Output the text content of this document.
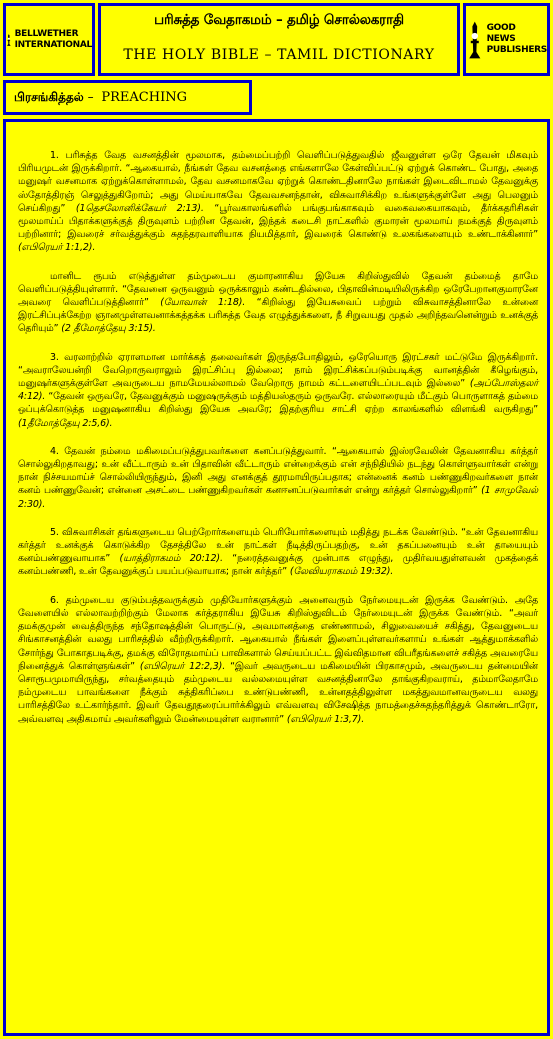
BELLWETHER
INTERNATIONAL
பரிசுத்த வேதாகமம் – தமிழ் சொல்லகராதி
THE HOLY BIBLE – TAMIL DICTIONARY
GOOD NEWS
PUBLISHERS
பிரசங்கித்தல் – PREACHING

1. பரிசுத்த வேத வசனத்தின் மூலமாக, தம்மைப்பற்றி வெளிப்படுத்துவதில் ஜீவனுள்ள ஒரே தேவன் மிகவும் பிரியமுடன் இருக்கிறார். “ஆகையால், நீங்கள் தேவ வசனத்தை எங்களாலே கேள்விப்பட்டு ஏற்றுக் கொண்ட போது, அதை மனுஷர் வசனமாக ஏற்றுக்கொள்ளாமல், தேவ வசனமாகவே ஏற்றுக் கொண்டதினாலே நாங்கள் இடைவிடாமல் தேவனுக்கு ஸ்தோத்திரஞ் செலுத்துகிறோம்; அது மெய்யாகவே தேவவசனந்தான், விசுவாசிக்கிற உங்களுக்குள்ளே அது பெலனும் செய்கிறது” (1தெசலோனிக்கேயர் 2:13). “பூர்வகாலங்களில் பங்குபங்காகவும் வகைவகையாகவும், தீர்க்கதரிசிகள் மூலமாய்ப் பிதாக்களுக்குத் திருவுளம் பற்றின தேவன், இந்தக் கடைசி நாட்களில் குமாரன் மூலமாய் நமக்குத் திருவுளம் பற்றினார்; இவரைச் சர்வத்துக்கும் சுதந்தரவாளியாக நியமித்தார், இவரைக் கொண்டு உலகங்களையும் உண்டாக்கினார்” (எபிரெயர் 1:1,2).

மானிட ரூபம் எடுத்துள்ள தம்முடைய குமாரனாகிய இயேசு கிறிஸ்துவில் தேவன் தம்மைத் தாமே வெளிப்படுத்தியுள்ளார். “தேவனை ஒருவனும் ஒருக்காலும் கண்டதில்லை, பிதாவின்மடியிலிருக்கிற ஒரேபேறானகுமாரனே அவரை வெளிப்படுத்தினார்” (யோவான் 1:18). “கிறிஸ்து இயேசுவைப் பற்றும் விசுவாசத்தினாலே உன்னை இரட்சிப்புக்கேற்ற ஞானமுள்ளவனாக்கத்தக்க பரிசுத்த வேத எழுத்துக்களை, நீ சிறுவயது முதல் அறிந்தவனென்றும் உனக்குத் தெரியும்” (2 தீமோத்தேயு 3:15).

3. வரலாற்றில் ஏராளமான மார்க்கத் தலைவர்கள் இருந்தபோதிலும், ஒரேயொரு இரட்சகர் மட்டுமே இருக்கிறார். “அவராலேயன்றி வேறொருவராலும் இரட்சிப்பு இல்லை; நாம் இரட்சிக்கப்படும்படிக்கு வானத்தின் கீழெங்கும், மனுஷர்களுக்குள்ளே அவருடைய நாமமேயல்லாமல் வேறொரு நாமம் கட்டளையிடப்படவும் இல்லை” (அப்போஸ்தலர் 4:12). “தேவன் ஒருவரே, தேவனுக்கும் மனுஷருக்கும் மத்தியஸ்தரும் ஒருவரே. எல்லாரையும் மீட்கும் பொருளாகத் தம்மை ஒப்புக்கொடுத்த மனுஷனாகிய கிறிஸ்து இயேசு அவரே; இதற்குரிய சாட்சி ஏற்ற காலங்களில் விளங்கி வருகிறது” (1தீமோத்தேயு 2:5,6).

4. தேவன் நம்மை மகிமைப்படுத்துபவர்களை கனப்படுத்துவார். “ஆகையால் இஸ்ரவேலின் தேவனாகிய கர்த்தர் சொல்லுகிறதாவது; உன் வீட்டாரும் உன் பிதாவின் வீட்டாரும் என்றைக்கும் என் சந்நிதியில் நடந்து கொள்ளுவார்கள் என்று நான் நிச்சயமாய்ச் சொல்லியிருந்தும், இனி அது எனக்குத் தூரமாயிருப்பதாக; என்னைக் கனம் பண்ணுகிறவர்களை நான் கனம் பண்ணுவேன்; என்னை அசட்டை பண்ணுகிறவர்கள் கனஈனப்படுவார்கள் என்று கர்த்தர் சொல்லுகிறார்” (1 சாமுவேல் 2:30).

5. விசுவாசிகள் தங்களுடைய பெற்றோர்களையும் பெரியோர்களையும் மதித்து நடக்க வேண்டும். “உன் தேவனாகிய கர்த்தர் உனக்குக் கொடுக்கிற தேசத்திலே உன் நாட்கள் நீடித்திருப்பதற்கு, உன் தகப்பனையும் உன் தாயையும் கனம்பண்ணுவாயாக” (யாத்திராகமம் 20:12). “நரைத்தவனுக்கு முன்பாக எழுந்து, முதிர்வயதுள்ளவன் முகத்தைக் கனம்பண்ணி, உன் தேவனுக்குப் பயப்படுவாயாக; நான் கர்த்தர்” (லேவியராகமம் 19:32).

6. தம்முடைய குடும்பத்தவருக்கும் முதியோர்களுக்கும் அனைவரும் நேர்மையுடன் இருக்க வேண்டும். அதே வேளையில் எல்லாவற்றிற்கும் மேலாக கர்த்தராகிய இயேசு கிறிஸ்துவிடம் நேர்மையுடன் இருக்க வேண்டும். “அவர் தமக்குமுன் வைத்திருந்த சந்தோஷத்தின் பொருட்டு, அவமானத்தை எண்ணாமல், சிலுவையைச் சகித்து, தேவனுடைய சிங்காசனத்தின் வலது பாரிசத்தில் வீற்றிருக்கிறார். ஆகையால் நீங்கள் இளைப்புள்ளவர்களாய் உங்கள் ஆத்துமாக்களில் சோர்ந்து போகாதபடிக்கு, தமக்கு விரோதமாய்ப் பாவிகளால் செய்யப்பட்ட இவ்விதமான விபரீதங்களைச் சகித்த அவரையே நினைத்துக் கொள்ளுங்கள்” (எபிரெயர் 12:2,3). “இவர் அவருடைய மகிமையின் பிரகாசமும், அவருடைய தன்மையின் சொரூபமுமாயிருந்து, சர்வத்தையும் தம்முடைய வல்லமையுள்ள வசனத்தினாலே தாங்குகிறவராய், தம்மாலேதாமே நம்முடைய பாவங்களை நீக்கும் சுத்திகரிப்பை உண்டுபண்ணி, உன்னதத்திலுள்ள மகத்துவமானவருடைய வலது பாரிசத்திலே உட்கார்ந்தார். இவர் தேவதூதரைப்பார்க்கிலும் எவ்வளவு விசேஷித்த நாமத்தைச்சுதந்தரித்துக் கொண்டாரோ, அவ்வளவு அதிகமாய் அவர்களிலும் மேன்மையுள்ள வரானார்” (எபிரெயர் 1:3,7).
